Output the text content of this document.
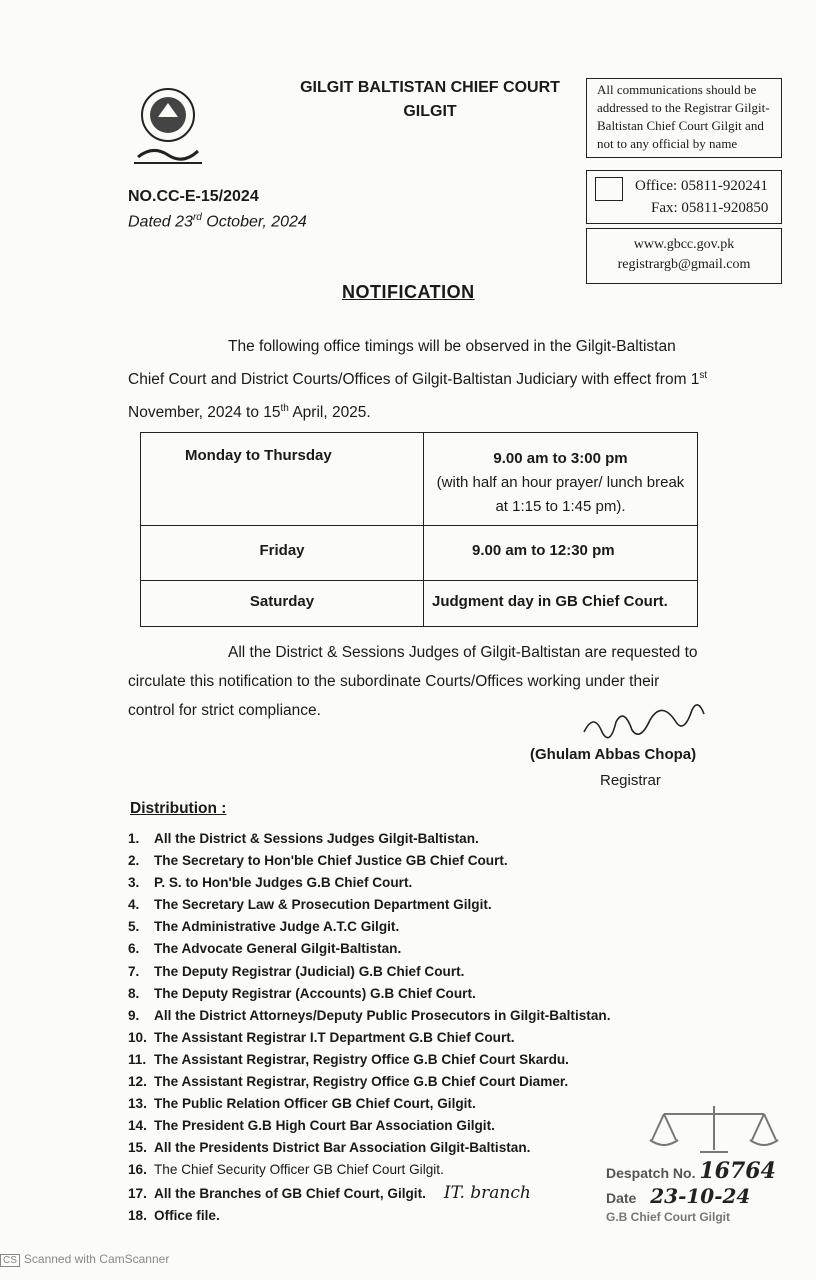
GILGIT BALTISTAN CHIEF COURT
GILGIT
NO.CC-E-15/2024
Dated 23rd October, 2024
All communications should be addressed to the Registrar Gilgit-Baltistan Chief Court Gilgit and not to any official by name
Office: 05811-920241
Fax: 05811-920850
www.gbcc.gov.pk
registrargb@gmail.com
NOTIFICATION
The following office timings will be observed in the Gilgit-Baltistan Chief Court and District Courts/Offices of Gilgit-Baltistan Judiciary with effect from 1st November, 2024 to 15th April, 2025.
Monday to Thursday	9.00 am to 3:00 pm
(with half an hour prayer/ lunch break at 1:15 to 1:45 pm).

Friday	9.00 am to 12:30 pm
Saturday	Judgment day in GB Chief Court.
All the District & Sessions Judges of Gilgit-Baltistan are requested to circulate this notification to the subordinate Courts/Offices working under their control for strict compliance.
(Ghulam Abbas Chopa)
Registrar
Distribution :
1. All the District & Sessions Judges Gilgit-Baltistan.
2. The Secretary to Hon'ble Chief Justice GB Chief Court.
3. P. S. to Hon'ble Judges G.B Chief Court.
4. The Secretary Law & Prosecution Department Gilgit.
5. The Administrative Judge A.T.C Gilgit.
6. The Advocate General Gilgit-Baltistan.
7. The Deputy Registrar (Judicial) G.B Chief Court.
8. The Deputy Registrar (Accounts) G.B Chief Court.
9. All the District Attorneys/Deputy Public Prosecutors in Gilgit-Baltistan.
10. The Assistant Registrar I.T Department G.B Chief Court.
11. The Assistant Registrar, Registry Office G.B Chief Court Skardu.
12. The Assistant Registrar, Registry Office G.B Chief Court Diamer.
13. The Public Relation Officer GB Chief Court, Gilgit.
14. The President G.B High Court Bar Association Gilgit.
15. All the Presidents District Bar Association Gilgit-Baltistan.
16. The Chief Security Officer GB Chief Court Gilgit.
17. All the Branches of GB Chief Court, Gilgit. IT. branch
18. Office file.
Despatch No. 16764
Date 23-10-24
G.B Chief Court Gilgit
CS Scanned with CamScanner
